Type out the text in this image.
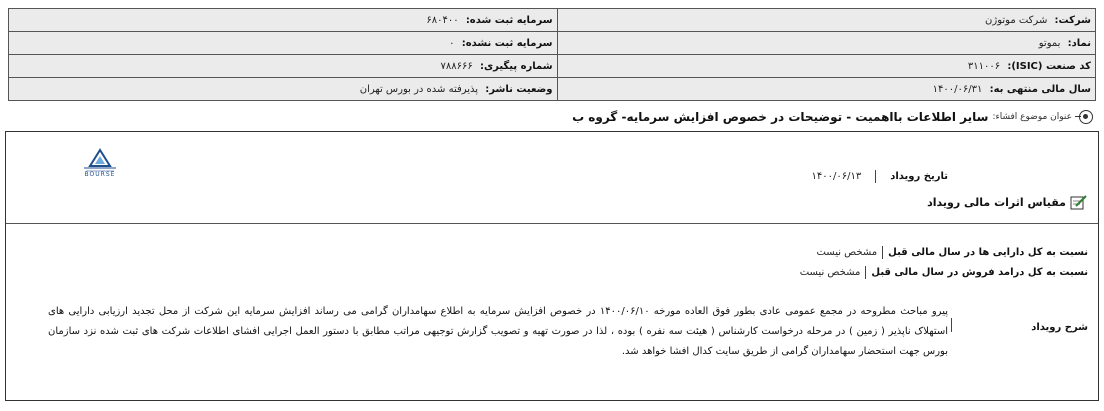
شرکت: شرکت موتوژن	سرمایه ثبت شده: ۶۸۰۴۰۰
نماد: بموتو	سرمایه ثبت نشده: ۰
کد صنعت (ISIC): ۳۱۱۰۰۶	شماره پیگیری: ۷۸۸۶۶۶
سال مالی منتهی به: ۱۴۰۰/۰۶/۳۱	وضعیت ناشر: پذیرفته شده در بورس تهران
عنوان موضوع افشاء:
سایر اطلاعات بااهمیت - توضیحات در خصوص افزایش سرمایه- گروه ب
BOURSE	تاریخ رویداد
۱۴۰۰/۰۶/۱۳
مقیاس اثرات مالی رویداد
نسبت به کل دارایی ها در سال مالی قبل
مشخص نیست
نسبت به کل درامد فروش در سال مالی قبل
مشخص نیست
شرح رویداد
پیرو مباحث مطروحه در مجمع عمومی عادی بطور فوق العاده مورخه ۱۴۰۰/۰۶/۱۰ در خصوص افزایش سرمایه به اطلاع سهامداران گرامی می رساند افزایش سرمایه این شرکت از محل تجدید ارزیابی دارایی های استهلاک ناپذیر ( زمین ) در مرحله درخواست کارشناس ( هیئت سه نفره ) بوده ، لذا در صورت تهیه و تصویب گزارش توجیهی مراتب مطابق با دستور العمل اجرایی افشای اطلاعات شرکت های ثبت شده نزد سازمان بورس جهت استحضار سهامداران گرامی از طریق سایت کدال افشا خواهد شد.
